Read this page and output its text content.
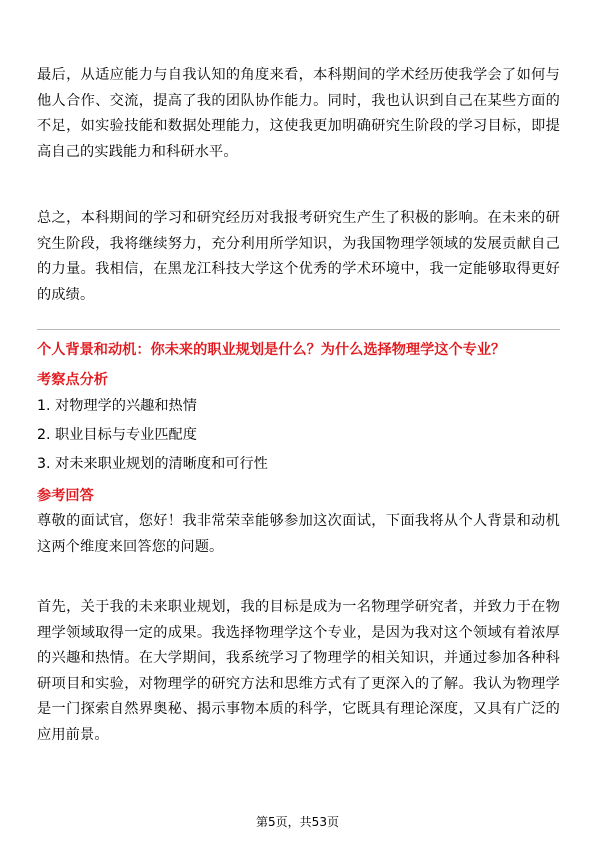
最后，从适应能力与自我认知的角度来看，本科期间的学术经历使我学会了如何与他人合作、交流，提高了我的团队协作能力。同时，我也认识到自己在某些方面的不足，如实验技能和数据处理能力，这使我更加明确研究生阶段的学习目标，即提高自己的实践能力和科研水平。

总之，本科期间的学习和研究经历对我报考研究生产生了积极的影响。在未来的研究生阶段，我将继续努力，充分利用所学知识，为我国物理学领域的发展贡献自己的力量。我相信，在黑龙江科技大学这个优秀的学术环境中，我一定能够取得更好的成绩。

个人背景和动机：你未来的职业规划是什么？为什么选择物理学这个专业？

考察点分析

1. 对物理学的兴趣和热情

2. 职业目标与专业匹配度

3. 对未来职业规划的清晰度和可行性

参考回答

尊敬的面试官，您好！我非常荣幸能够参加这次面试，下面我将从个人背景和动机这两个维度来回答您的问题。

首先，关于我的未来职业规划，我的目标是成为一名物理学研究者，并致力于在物理学领域取得一定的成果。我选择物理学这个专业，是因为我对这个领域有着浓厚的兴趣和热情。在大学期间，我系统学习了物理学的相关知识，并通过参加各种科研项目和实验，对物理学的研究方法和思维方式有了更深入的了解。我认为物理学是一门探索自然界奥秘、揭示事物本质的科学，它既具有理论深度，又具有广泛的应用前景。

第5页，共53页
